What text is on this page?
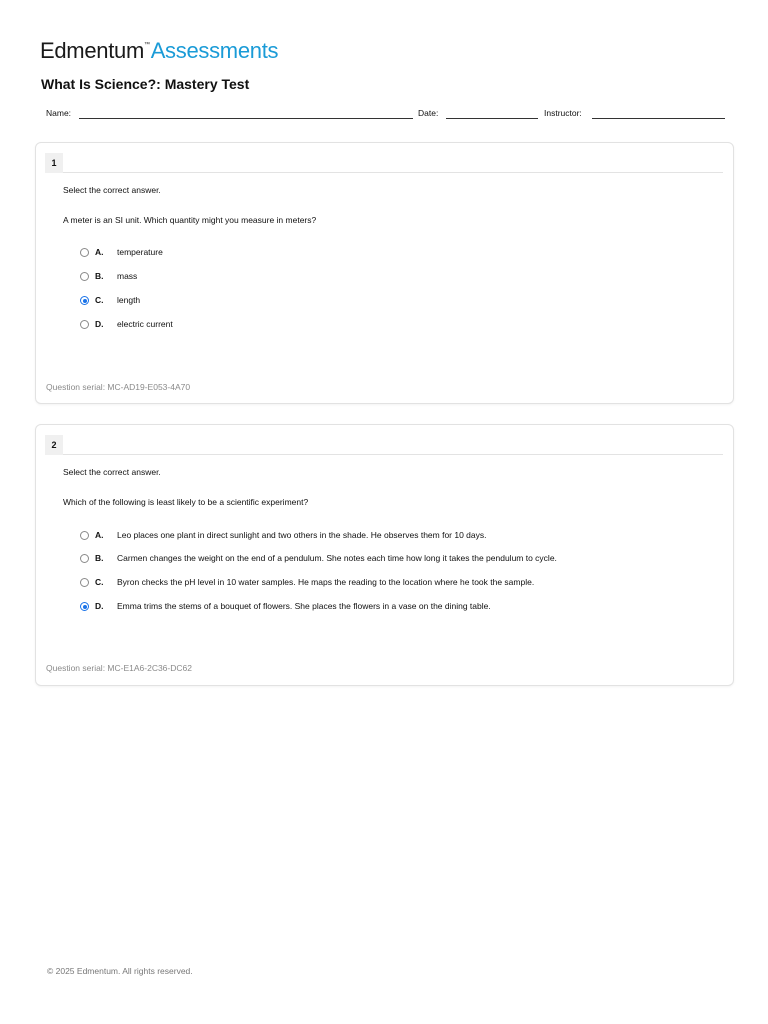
Edmentum™Assessments
What Is Science?: Mastery Test
Name:	Date:	Instructor:
1
Select the correct answer.
A meter is an SI unit. Which quantity might you measure in meters?
A. temperature
B. mass
C. length
D. electric current
Question serial: MC-AD19-E053-4A70
2
Select the correct answer.
Which of the following is least likely to be a scientific experiment?
A. Leo places one plant in direct sunlight and two others in the shade. He observes them for 10 days.
B. Carmen changes the weight on the end of a pendulum. She notes each time how long it takes the pendulum to cycle.
C. Byron checks the pH level in 10 water samples. He maps the reading to the location where he took the sample.
D. Emma trims the stems of a bouquet of flowers. She places the flowers in a vase on the dining table.
Question serial: MC-E1A6-2C36-DC62
© 2025 Edmentum. All rights reserved.
